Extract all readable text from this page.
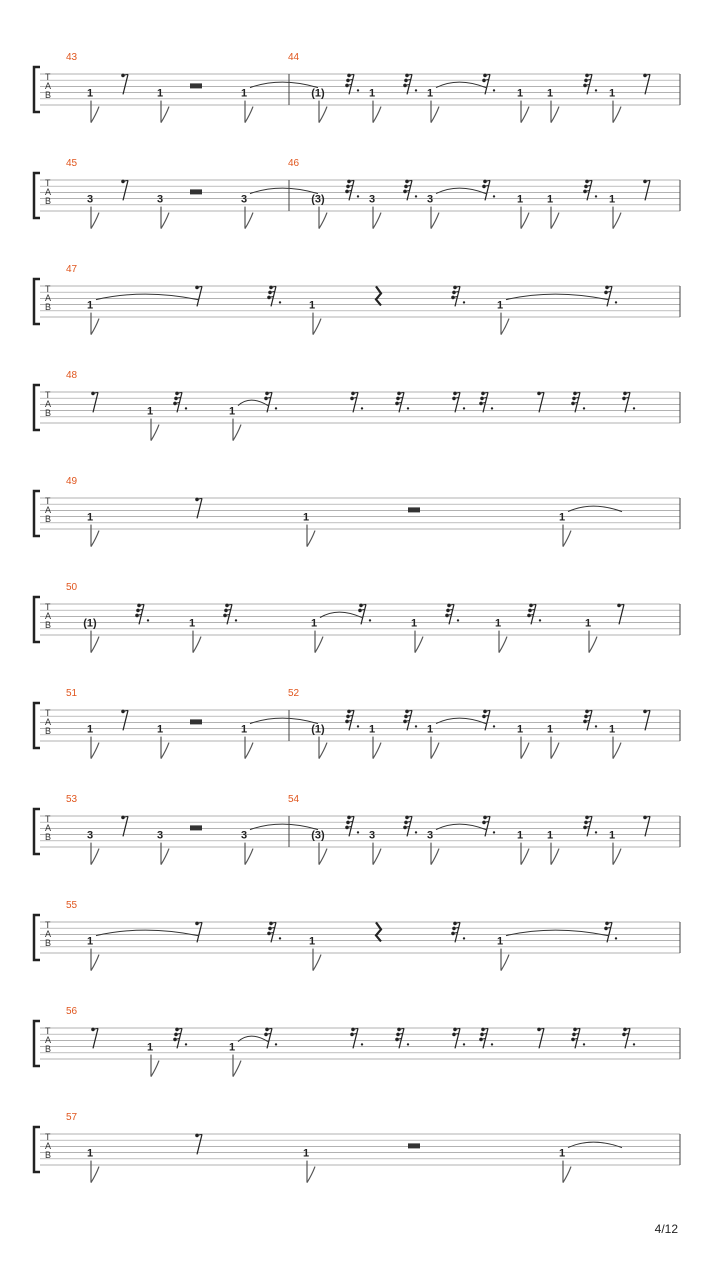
T
A
B	1	1	1	(1)	1	1	1 1	1
43	44
T
A
B	3	3	3	(3)	3	3	1 1	1
45	46
T
A
B	1	1	1
47
T
A
B	1	1
48
T
A
B	1	1	1
49
T
A
B	(1)	1	1	1	1	1
50
T
A
B	1	1	1	(1)	1	1	1 1	1
51	52
T
A
B	3	3	3	(3)	3	3	1 1	1
53	54
T
A
B	1	1	1
55
T
A
B	1	1
56
T
A
B	1	1	1
57
4/12
